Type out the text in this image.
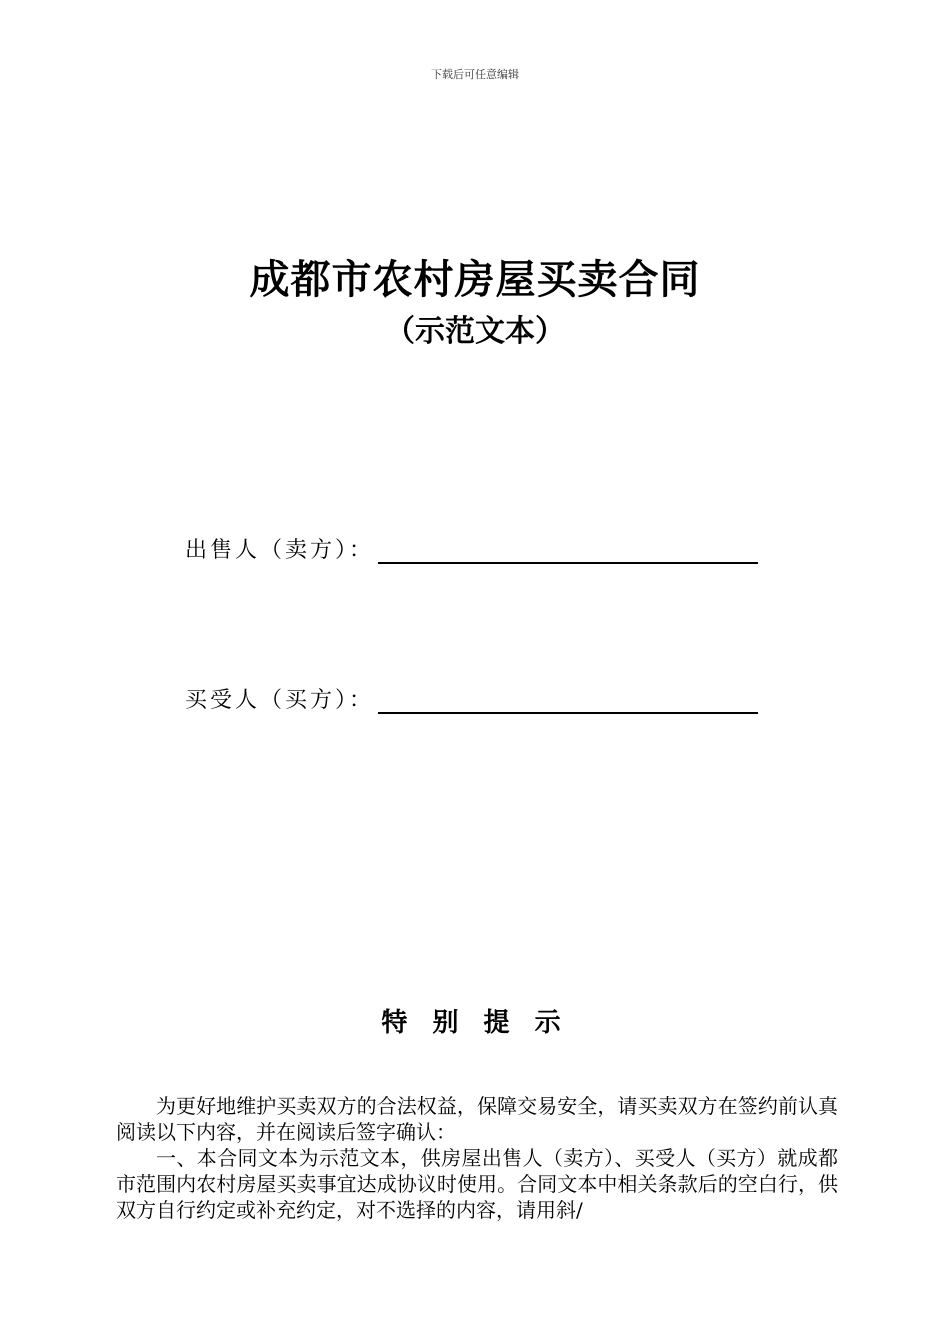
下载后可任意编辑
成都市农村房屋买卖合同
（示范文本）
出售人（卖方）：
买受人（买方）：
特 别 提 示

为更好地维护买卖双方的合法权益，保障交易安全，请买卖双方在签约前认真阅读以下内容，并在阅读后签字确认：

一、本合同文本为示范文本，供房屋出售人（卖方）、买受人（买方）就成都市范围内农村房屋买卖事宜达成协议时使用。合同文本中相关条款后的空白行，供双方自行约定或补充约定，对不选择的内容，请用斜/
